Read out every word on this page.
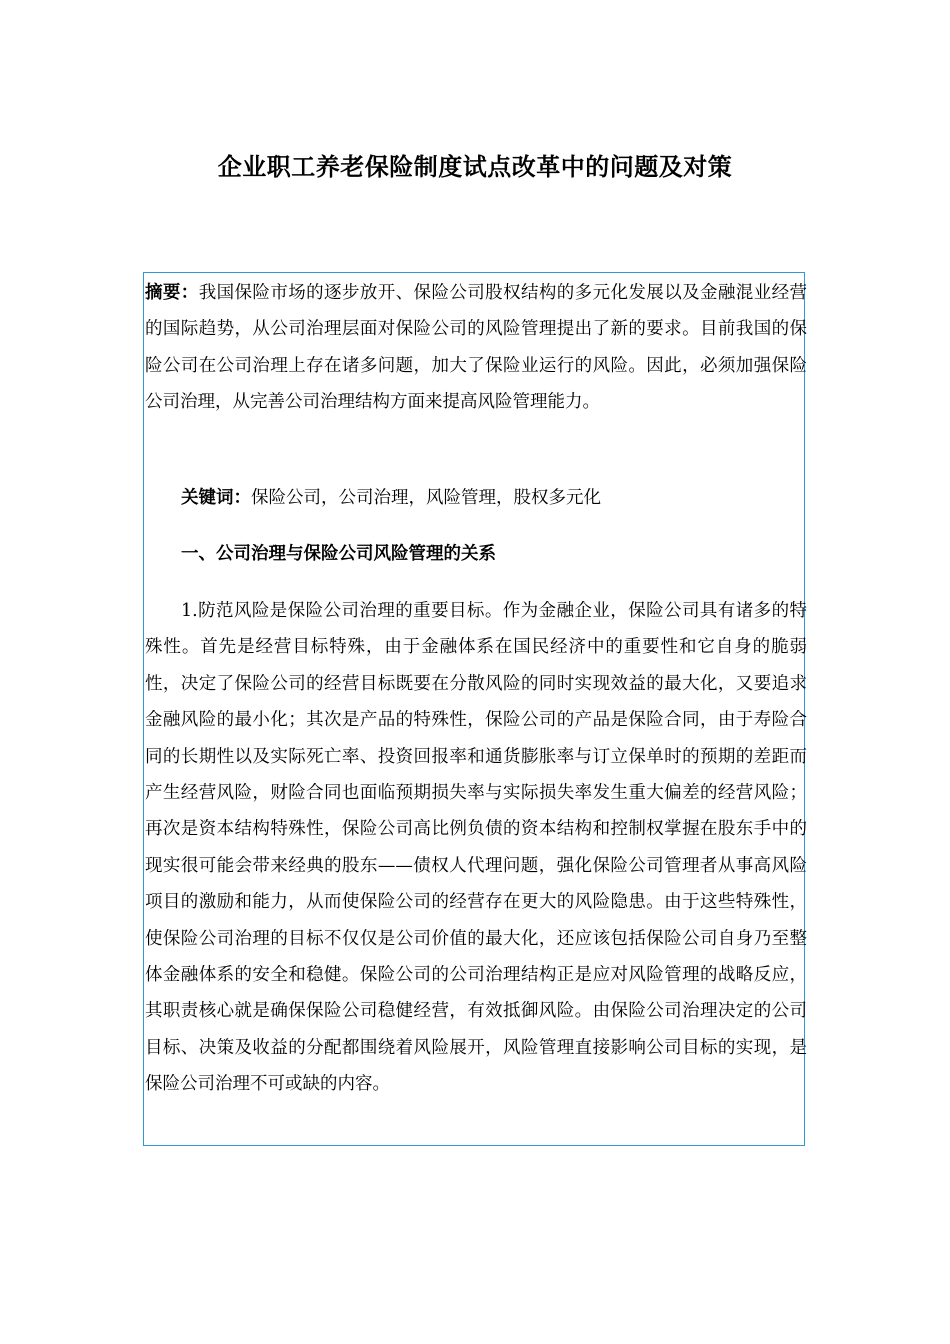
企业职工养老保险制度试点改革中的问题及对策

摘要：我国保险市场的逐步放开、保险公司股权结构的多元化发展以及金融混业经营的国际趋势，从公司治理层面对保险公司的风险管理提出了新的要求。目前我国的保险公司在公司治理上存在诸多问题，加大了保险业运行的风险。因此，必须加强保险公司治理，从完善公司治理结构方面来提高风险管理能力。

关键词：保险公司，公司治理，风险管理，股权多元化

一、公司治理与保险公司风险管理的关系

1.防范风险是保险公司治理的重要目标。作为金融企业，保险公司具有诸多的特殊性。首先是经营目标特殊，由于金融体系在国民经济中的重要性和它自身的脆弱性，决定了保险公司的经营目标既要在分散风险的同时实现效益的最大化，又要追求金融风险的最小化；其次是产品的特殊性，保险公司的产品是保险合同，由于寿险合同的长期性以及实际死亡率、投资回报率和通货膨胀率与订立保单时的预期的差距而产生经营风险，财险合同也面临预期损失率与实际损失率发生重大偏差的经营风险；再次是资本结构特殊性，保险公司高比例负债的资本结构和控制权掌握在股东手中的现实很可能会带来经典的股东——债权人代理问题，强化保险公司管理者从事高风险项目的激励和能力，从而使保险公司的经营存在更大的风险隐患。由于这些特殊性，使保险公司治理的目标不仅仅是公司价值的最大化，还应该包括保险公司自身乃至整体金融体系的安全和稳健。保险公司的公司治理结构正是应对风险管理的战略反应，其职责核心就是确保保险公司稳健经营，有效抵御风险。由保险公司治理决定的公司目标、决策及收益的分配都围绕着风险展开，风险管理直接影响公司目标的实现，是保险公司治理不可或缺的内容。
